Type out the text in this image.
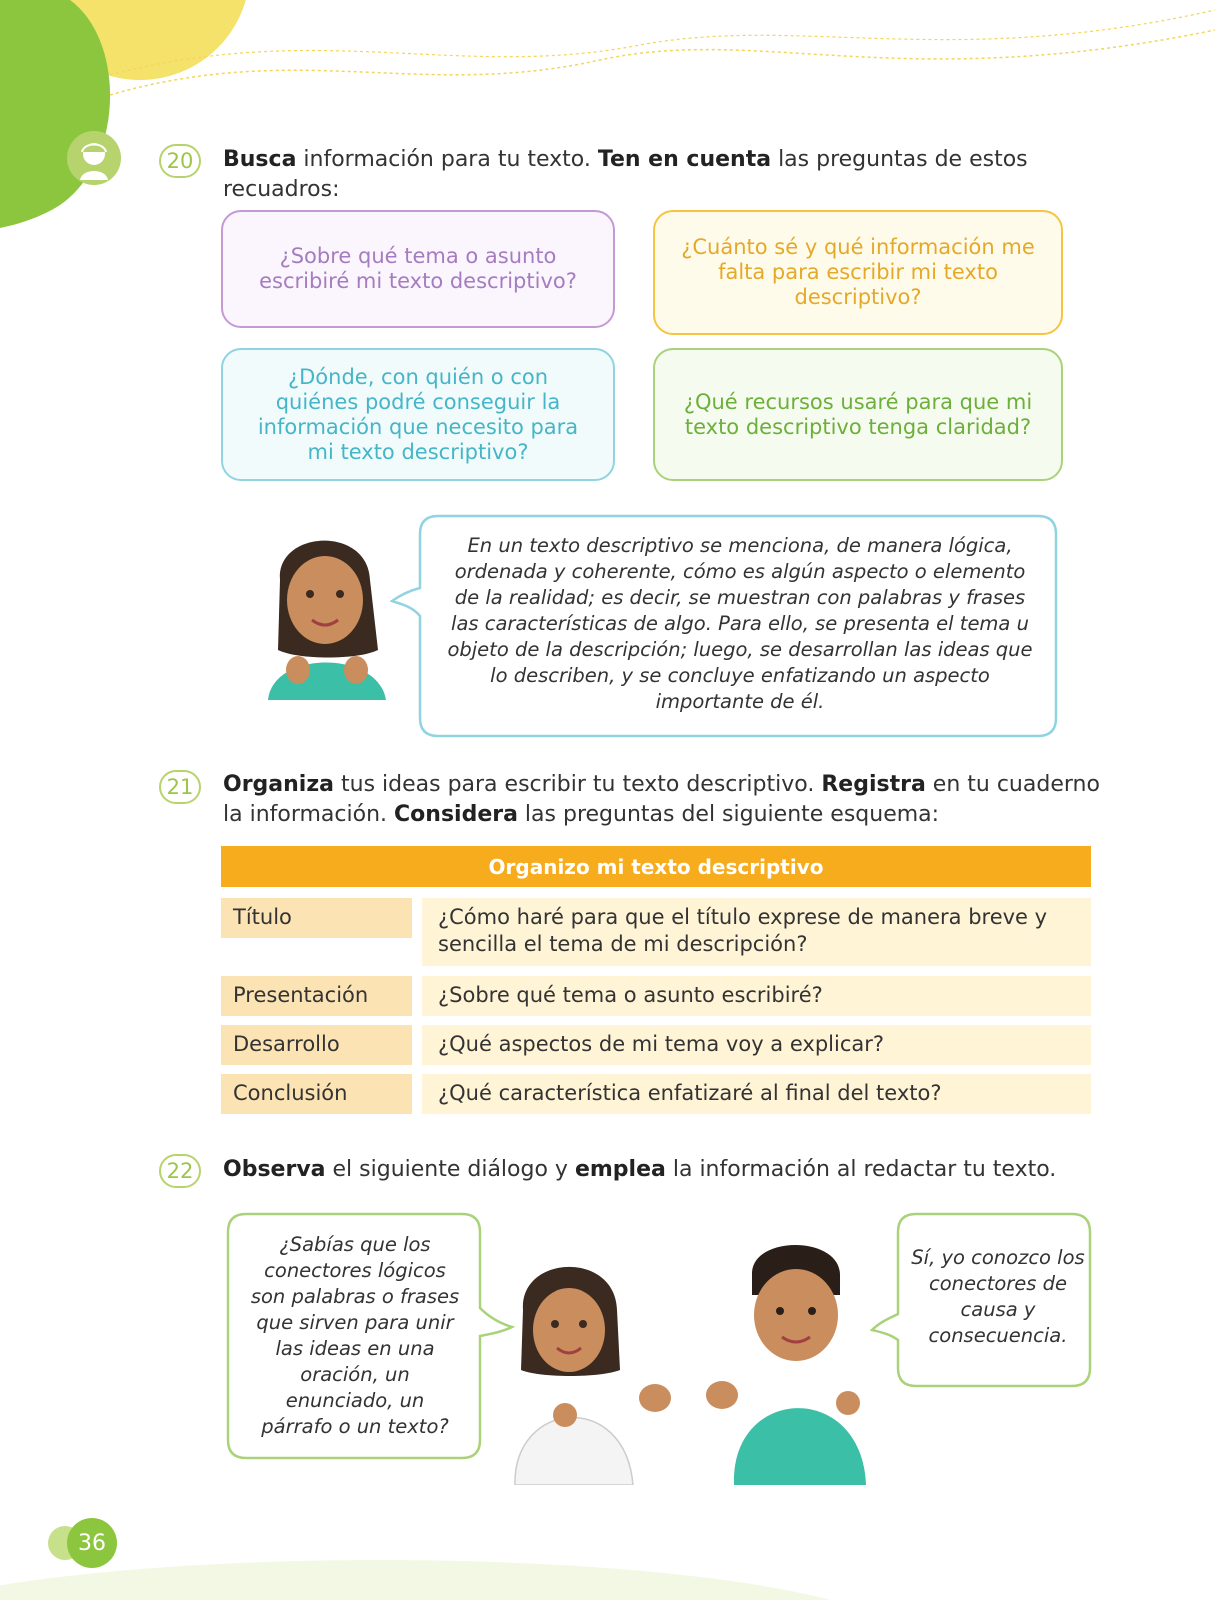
20	Busca información para tu texto. Ten en cuenta las preguntas de estos recuadros:
¿Sobre qué tema o asunto escribiré mi texto descriptivo?
¿Cuánto sé y qué información me falta para escribir mi texto descriptivo?
¿Dónde, con quién o con quiénes podré conseguir la información que necesito para mi texto descriptivo?
¿Qué recursos usaré para que mi texto descriptivo tenga claridad?
En un texto descriptivo se menciona, de manera lógica, ordenada y coherente, cómo es algún aspecto o elemento de la realidad; es decir, se muestran con palabras y frases las características de algo. Para ello, se presenta el tema u objeto de la descripción; luego, se desarrollan las ideas que lo describen, y se concluye enfatizando un aspecto importante de él.
21	Organiza tus ideas para escribir tu texto descriptivo. Registra en tu cuaderno la información. Considera las preguntas del siguiente esquema:
Organizo mi texto descriptivo
Título	¿Cómo haré para que el título exprese de manera breve y sencilla el tema de mi descripción?
Presentación	¿Sobre qué tema o asunto escribiré?
Desarrollo	¿Qué aspectos de mi tema voy a explicar?
Conclusión	¿Qué característica enfatizaré al final del texto?
22	Observa el siguiente diálogo y emplea la información al redactar tu texto.
¿Sabías que los conectores lógicos son palabras o frases que sirven para unir las ideas en una oración, un enunciado, un párrafo o un texto?
Sí, yo conozco los conectores de causa y consecuencia.
36
